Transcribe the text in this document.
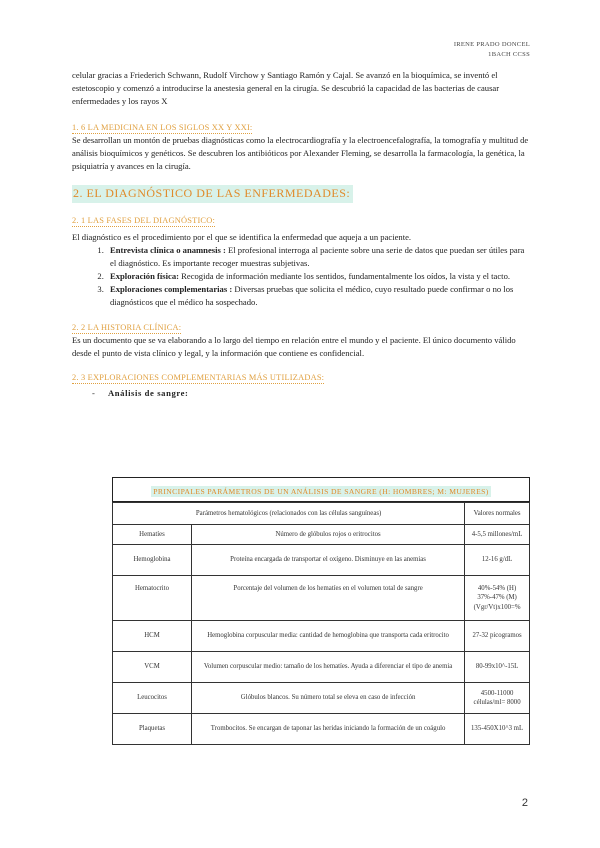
IRENE PRADO DONCEL
1BACH CCSS

celular gracias a Friederich Schwann, Rudolf Virchow y Santiago Ramón y Cajal. Se avanzó en la bioquímica, se inventó el estetoscopio y comenzó a introducirse la anestesia general en la cirugía. Se descubrió la capacidad de las bacterias de causar enfermedades y los rayos X

1. 6 LA MEDICINA EN LOS SIGLOS XX Y XXI:

Se desarrollan un montón de pruebas diagnósticas como la electrocardiografía y la electroencefalografía, la tomografía y multitud de análisis bioquímicos y genéticos. Se descubren los antibióticos por Alexander Fleming, se desarrolla la farmacología, la genética, la psiquiatría y avances en la cirugía.

2. EL DIAGNÓSTICO DE LAS ENFERMEDADES:
2. 1 LAS FASES DEL DIAGNÓSTICO:

El diagnóstico es el procedimiento por el que se identifica la enfermedad que aqueja a un paciente.

1. Entrevista clínica o anamnesis : El profesional interroga al paciente sobre una serie de datos que puedan ser útiles para el diagnóstico. Es importante recoger muestras subjetivas.
2. Exploración física: Recogida de información mediante los sentidos, fundamentalmente los oídos, la vista y el tacto.
3. Exploraciones complementarias : Diversas pruebas que solicita el médico, cuyo resultado puede confirmar o no los diagnósticos que el médico ha sospechado.
2. 2 LA HISTORIA CLÍNICA:

Es un documento que se va elaborando a lo largo del tiempo en relación entre el mundo y el paciente. El único documento válido desde el punto de vista clínico y legal, y la información que contiene es confidencial.

2. 3 EXPLORACIONES COMPLEMENTARIAS MÁS UTILIZADAS:
- Análisis de sangre:
PRINCIPALES PARÁMETROS DE UN ANÁLISIS DE SANGRE (H: HOMBRES; M: MUJERES)
Parámetros hematológicos (relacionados con las células sanguíneas)		Valores normales
Hematíes	Número de glóbulos rojos o eritrocitos	4-5,5 millones/mL
Hemoglobina	Proteína encargada de transportar el oxígeno. Disminuye en las anemias	12-16 g/dL
Hematocrito	Porcentaje del volumen de los hematíes en el volumen total de sangre	40%-54% (H)
37%-47% (M)
(Vgr/Vt)x100=%
HCM	Hemoglobina corpuscular media: cantidad de hemoglobina que transporta cada eritrocito	27-32 picogramos
VCM	Volumen corpuscular medio: tamaño de los hematíes. Ayuda a diferenciar el tipo de anemia	80-99x10^-15L
Leucocitos	Glóbulos blancos. Su número total se eleva en caso de infección	4500-11000
células/ml= 8000
Plaquetas	Trombocitos. Se encargan de taponar las heridas iniciando la formación de un coágulo	135-450X10^3 mL
2
